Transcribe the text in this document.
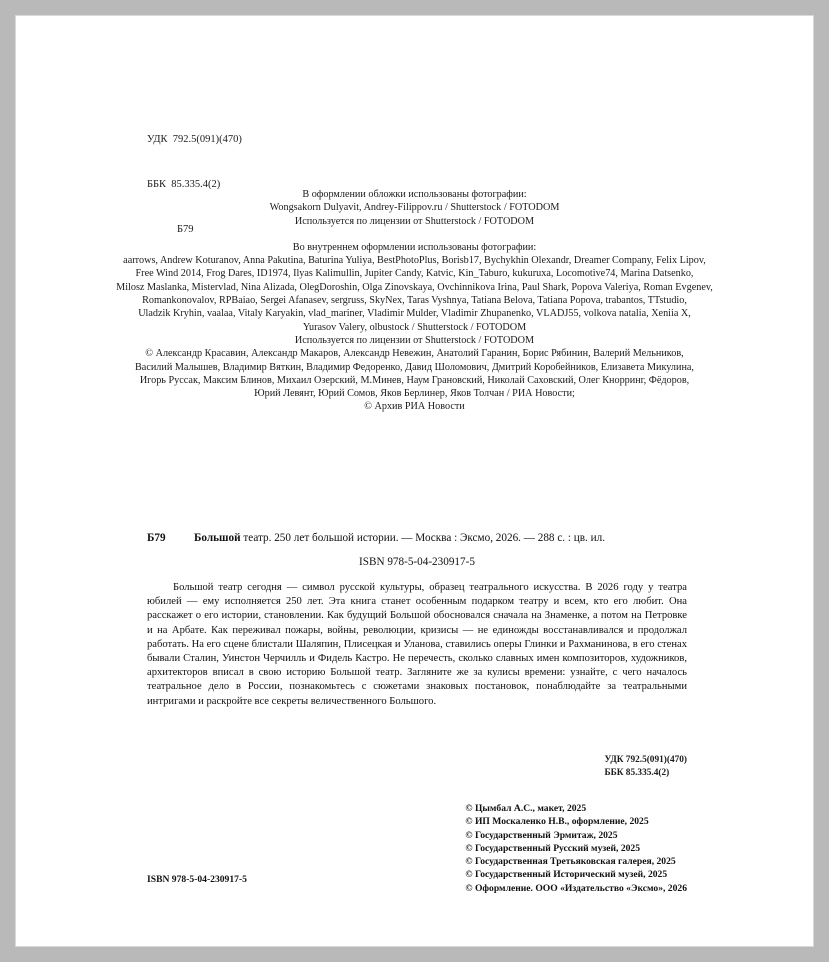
УДК  792.5(091)(470)

ББК  85.335.4(2)

Б79

В оформлении обложки использованы фотографии:

Wongsakorn Dulyavit, Andrey-Filippov.ru / Shutterstock / FOTODOM

Используется по лицензии от Shutterstock / FOTODOM

Во внутреннем оформлении использованы фотографии:

aarrows, Andrew Koturanov, Anna Pakutina, Baturina Yuliya, BestPhotoPlus, Borisb17, Bychykhin Olexandr, Dreamer Company, Felix Lipov,

Free Wind 2014, Frog Dares, ID1974, Ilyas Kalimullin, Jupiter Candy, Katvic, Kin_Taburo, kukuruxa, Locomotive74, Marina Datsenko,

Milosz Maslanka, Mistervlad, Nina Alizada, OlegDoroshin, Olga Zinovskaya, Ovchinnikova Irina, Paul Shark, Popova Valeriya, Roman Evgenev,

Romankonovalov, RPBaiao, Sergei Afanasev, sergruss, SkyNex, Taras Vyshnya, Tatiana Belova, Tatiana Popova, trabantos, TTstudio,

Uladzik Kryhin, vaalaa, Vitaly Karyakin, vlad_mariner, Vladimir Mulder, Vladimir Zhupanenko, VLADJ55, volkova natalia, Xeniia X,

Yurasov Valery, olbustock / Shutterstock / FOTODOM

Используется по лицензии от Shutterstock / FOTODOM

© Александр Красавин, Александр Макаров, Александр Невежин, Анатолий Гаранин, Борис Рябинин, Валерий Мельников,

Василий Малышев, Владимир Вяткин, Владимир Федоренко, Давид Шоломович, Дмитрий Коробейников, Елизавета Микулина,

Игорь Руссак, Максим Блинов, Михаил Озерский, М.Минев, Наум Грановский, Николай Саховский, Олег Кнорринг, Фёдоров,

Юрий Левянт, Юрий Сомов, Яков Берлинер, Яков Толчан / РИА Новости;

© Архив РИА Новости

Б79	Большой театр. 250 лет большой истории. — Москва : Эксмо, 2026. — 288 с. : цв. ил.

ISBN 978-5-04-230917-5

Большой театр сегодня — символ русской культуры, образец театрального искусства. В 2026 году у театра юбилей — ему исполняется 250 лет. Эта книга станет особенным подарком театру и всем, кто его любит. Она расскажет о его истории, становлении. Как будущий Большой обосновался сначала на Знаменке, а потом на Петровке и на Арбате. Как переживал пожары, войны, революции, кризисы — не единожды восстанавливался и продолжал работать. На его сцене блистали Шаляпин, Плисецкая и Уланова, ставились оперы Глинки и Рахманинова, в его стенах бывали Сталин, Уинстон Черчилль и Фидель Кастро. Не перечесть, сколько славных имен композиторов, художников, архитекторов вписал в свою историю Большой театр. Загляните же за кулисы времени: узнайте, с чего началось театральное дело в России, познакомьтесь с сюжетами знаковых постановок, понаблюдайте за театральными интригами и раскройте все секреты величественного Большого.

УДК 792.5(091)(470)
ББК 85.335.4(2)
© Цымбал А.С., макет, 2025
© ИП Москаленко Н.В., оформление, 2025
© Государственный Эрмитаж, 2025
© Государственный Русский музей, 2025
© Государственная Третьяковская галерея, 2025
© Государственный Исторический музей, 2025
© Оформление. ООО «Издательство «Эксмо», 2026
ISBN 978-5-04-230917-5
